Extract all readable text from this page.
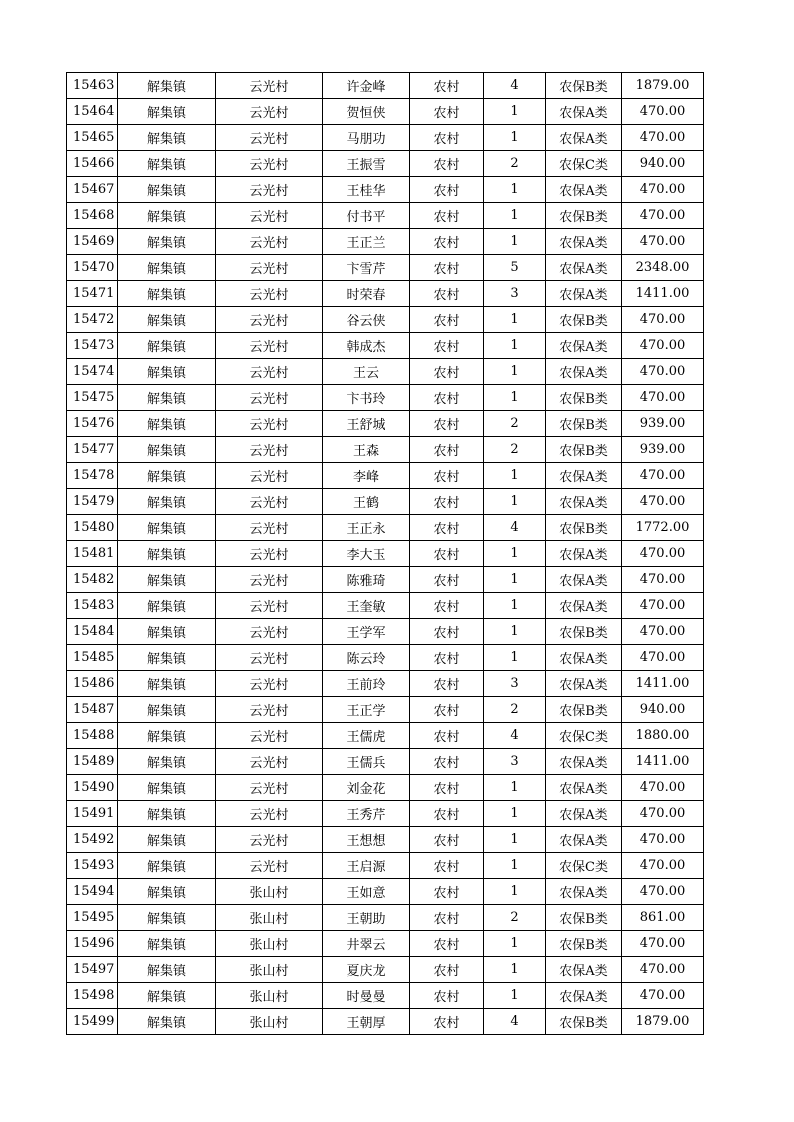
15463	解集镇	云光村	许金峰	农村	4	农保B类	1879.00
15464	解集镇	云光村	贺恒侠	农村	1	农保A类	470.00
15465	解集镇	云光村	马朋功	农村	1	农保A类	470.00
15466	解集镇	云光村	王振雪	农村	2	农保C类	940.00
15467	解集镇	云光村	王桂华	农村	1	农保A类	470.00
15468	解集镇	云光村	付书平	农村	1	农保B类	470.00
15469	解集镇	云光村	王正兰	农村	1	农保A类	470.00
15470	解集镇	云光村	卞雪芹	农村	5	农保A类	2348.00
15471	解集镇	云光村	时荣春	农村	3	农保A类	1411.00
15472	解集镇	云光村	谷云侠	农村	1	农保B类	470.00
15473	解集镇	云光村	韩成杰	农村	1	农保A类	470.00
15474	解集镇	云光村	王云	农村	1	农保A类	470.00
15475	解集镇	云光村	卞书玲	农村	1	农保B类	470.00
15476	解集镇	云光村	王舒城	农村	2	农保B类	939.00
15477	解集镇	云光村	王森	农村	2	农保B类	939.00
15478	解集镇	云光村	李峰	农村	1	农保A类	470.00
15479	解集镇	云光村	王鹤	农村	1	农保A类	470.00
15480	解集镇	云光村	王正永	农村	4	农保B类	1772.00
15481	解集镇	云光村	李大玉	农村	1	农保A类	470.00
15482	解集镇	云光村	陈雅琦	农村	1	农保A类	470.00
15483	解集镇	云光村	王奎敏	农村	1	农保A类	470.00
15484	解集镇	云光村	王学军	农村	1	农保B类	470.00
15485	解集镇	云光村	陈云玲	农村	1	农保A类	470.00
15486	解集镇	云光村	王前玲	农村	3	农保A类	1411.00
15487	解集镇	云光村	王正学	农村	2	农保B类	940.00
15488	解集镇	云光村	王儒虎	农村	4	农保C类	1880.00
15489	解集镇	云光村	王儒兵	农村	3	农保A类	1411.00
15490	解集镇	云光村	刘金花	农村	1	农保A类	470.00
15491	解集镇	云光村	王秀芹	农村	1	农保A类	470.00
15492	解集镇	云光村	王想想	农村	1	农保A类	470.00
15493	解集镇	云光村	王启源	农村	1	农保C类	470.00
15494	解集镇	张山村	王如意	农村	1	农保A类	470.00
15495	解集镇	张山村	王朝助	农村	2	农保B类	861.00
15496	解集镇	张山村	井翠云	农村	1	农保B类	470.00
15497	解集镇	张山村	夏庆龙	农村	1	农保A类	470.00
15498	解集镇	张山村	时曼曼	农村	1	农保A类	470.00
15499	解集镇	张山村	王朝厚	农村	4	农保B类	1879.00
